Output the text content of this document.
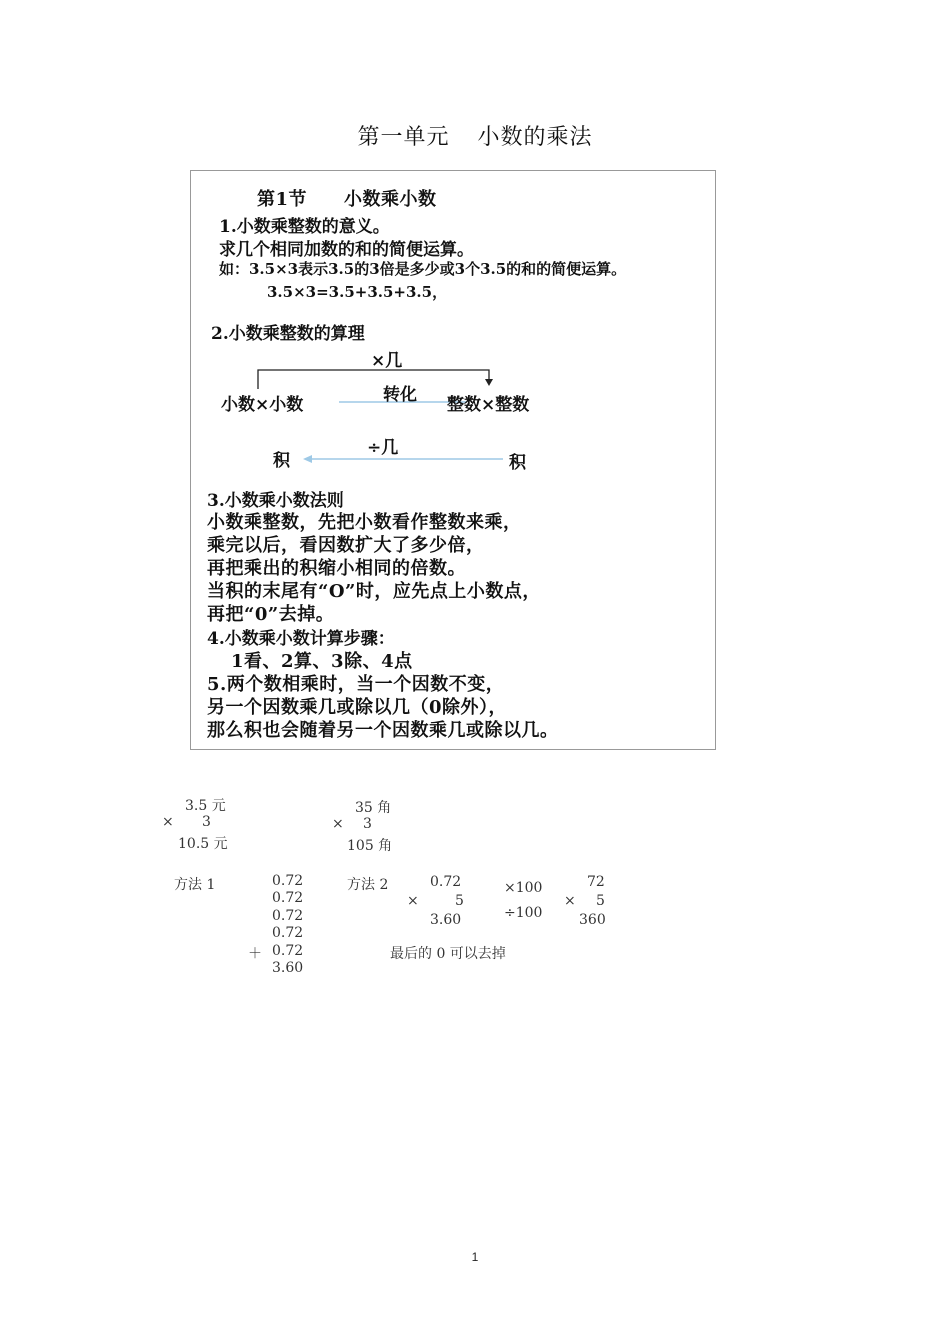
第一单元 小数的乘法
第1节　　小数乘小数
1.小数乘整数的意义。
求几个相同加数的和的简便运算。
如：3.5×3表示3.5的3倍是多少或3个3.5的和的简便运算。
3.5×3=3.5+3.5+3.5，
2.小数乘整数的算理
×几
小数×小数	转化 整数×整数
÷几
积	积
3.小数乘小数法则
小数乘整数，先把小数看作整数来乘，
乘完以后，看因数扩大了多少倍，
再把乘出的积缩小相同的倍数。
当积的末尾有“O”时，应先点上小数点，
再把“0”去掉。
4.小数乘小数计算步骤：
1看、2算、3除、4点
5.两个数相乘时，当一个因数不变，
另一个因数乘几或除以几（0除外），
那么积也会随着另一个因数乘几或除以几。
3.5 元
× 3
10.5 元
35 角
× 3
105 角
方法 1	0.72
0.72
0.72
0.72
＋ 0.72
3.60
方法 2	0.72
×	5
3.60
×100
÷100
72
× 5
360
最后的 0 可以去掉
1
